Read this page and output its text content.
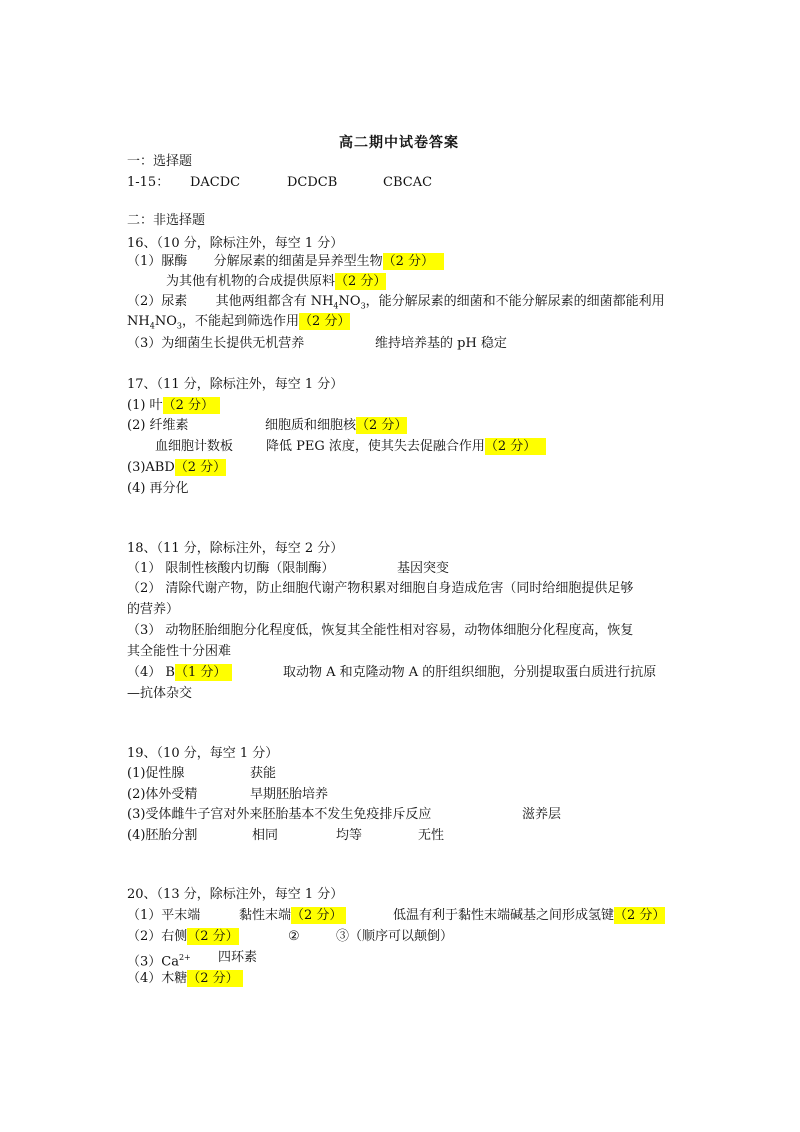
高二期中试卷答案
一：选择题
1-15： DACDC	DCDCB	CBCAC
二：非选择题
16、（10 分，除标注外，每空 1 分）
（1）脲酶 分解尿素的细菌是异养型生物（2 分）
为其他有机物的合成提供原料（2 分）
（2）尿素 其他两组都含有 $NH_4NO_3$，能分解尿素的细菌和不能分解尿素的细菌都能利用
$NH_4NO_3$，不能起到筛选作用（2 分）
（3）为细菌生长提供无机营养	维持培养基的 pH 稳定
17、（11 分，除标注外，每空 1 分）
(1) 叶（2 分）
(2) 纤维素	细胞质和细胞核（2 分）
血细胞计数板	降低 PEG 浓度，使其失去促融合作用（2 分）
(3)ABD（2 分）
(4) 再分化
18、（11 分，除标注外，每空 2 分）
（1） 限制性核酸内切酶（限制酶）	基因突变
（2） 清除代谢产物，防止细胞代谢产物积累对细胞自身造成危害（同时给细胞提供足够
的营养）
（3） 动物胚胎细胞分化程度低，恢复其全能性相对容易，动物体细胞分化程度高，恢复
其全能性十分困难
（4） B（1 分）	取动物 A 和克隆动物 A 的肝组织细胞，分别提取蛋白质进行抗原
—抗体杂交
19、（10 分，每空 1 分）
(1)促性腺	获能
(2)体外受精	早期胚胎培养
(3)受体雌牛子宫对外来胚胎基本不发生免疫排斥反应	滋养层
(4)胚胎分割	相同	均等	无性
20、（13 分，除标注外，每空 1 分）
（1）平末端	黏性末端（2 分）	低温有利于黏性末端碱基之间形成氢键（2 分）
（2）右侧（2 分）	②	③（顺序可以颠倒）
$(3)Ca^{2+}$ 四环素
（4）木糖（2 分）
